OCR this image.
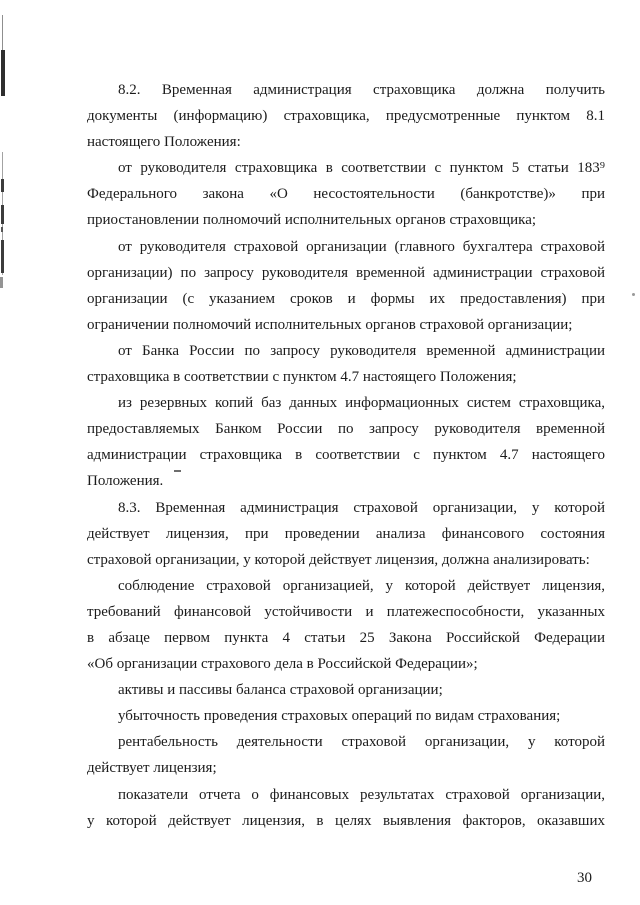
8.2. Временная администрация страховщика должна получить
документы (информацию) страховщика, предусмотренные пунктом 8.1
настоящего Положения:
от руководителя страховщика в соответствии с пунктом 5 статьи 183⁹
Федерального закона «О несостоятельности (банкротстве)» при
приостановлении полномочий исполнительных органов страховщика;
от руководителя страховой организации (главного бухгалтера страховой
организации) по запросу руководителя временной администрации страховой
организации (с указанием сроков и формы их предоставления) при
ограничении полномочий исполнительных органов страховой организации;
от Банка России по запросу руководителя временной администрации
страховщика в соответствии с пунктом 4.7 настоящего Положения;
из резервных копий баз данных информационных систем страховщика,
предоставляемых Банком России по запросу руководителя временной
администрации страховщика в соответствии с пунктом 4.7 настоящего
Положения.
8.3. Временная администрация страховой организации, у которой
действует лицензия, при проведении анализа финансового состояния
страховой организации, у которой действует лицензия, должна анализировать:
соблюдение страховой организацией, у которой действует лицензия,
требований финансовой устойчивости и платежеспособности, указанных
в абзаце первом пункта 4 статьи 25 Закона Российской Федерации
«Об организации страхового дела в Российской Федерации»;
активы и пассивы баланса страховой организации;
убыточность проведения страховых операций по видам страхования;
рентабельность деятельности страховой организации, у которой
действует лицензия;
показатели отчета о финансовых результатах страховой организации,
у которой действует лицензия, в целях выявления факторов, оказавших
30
